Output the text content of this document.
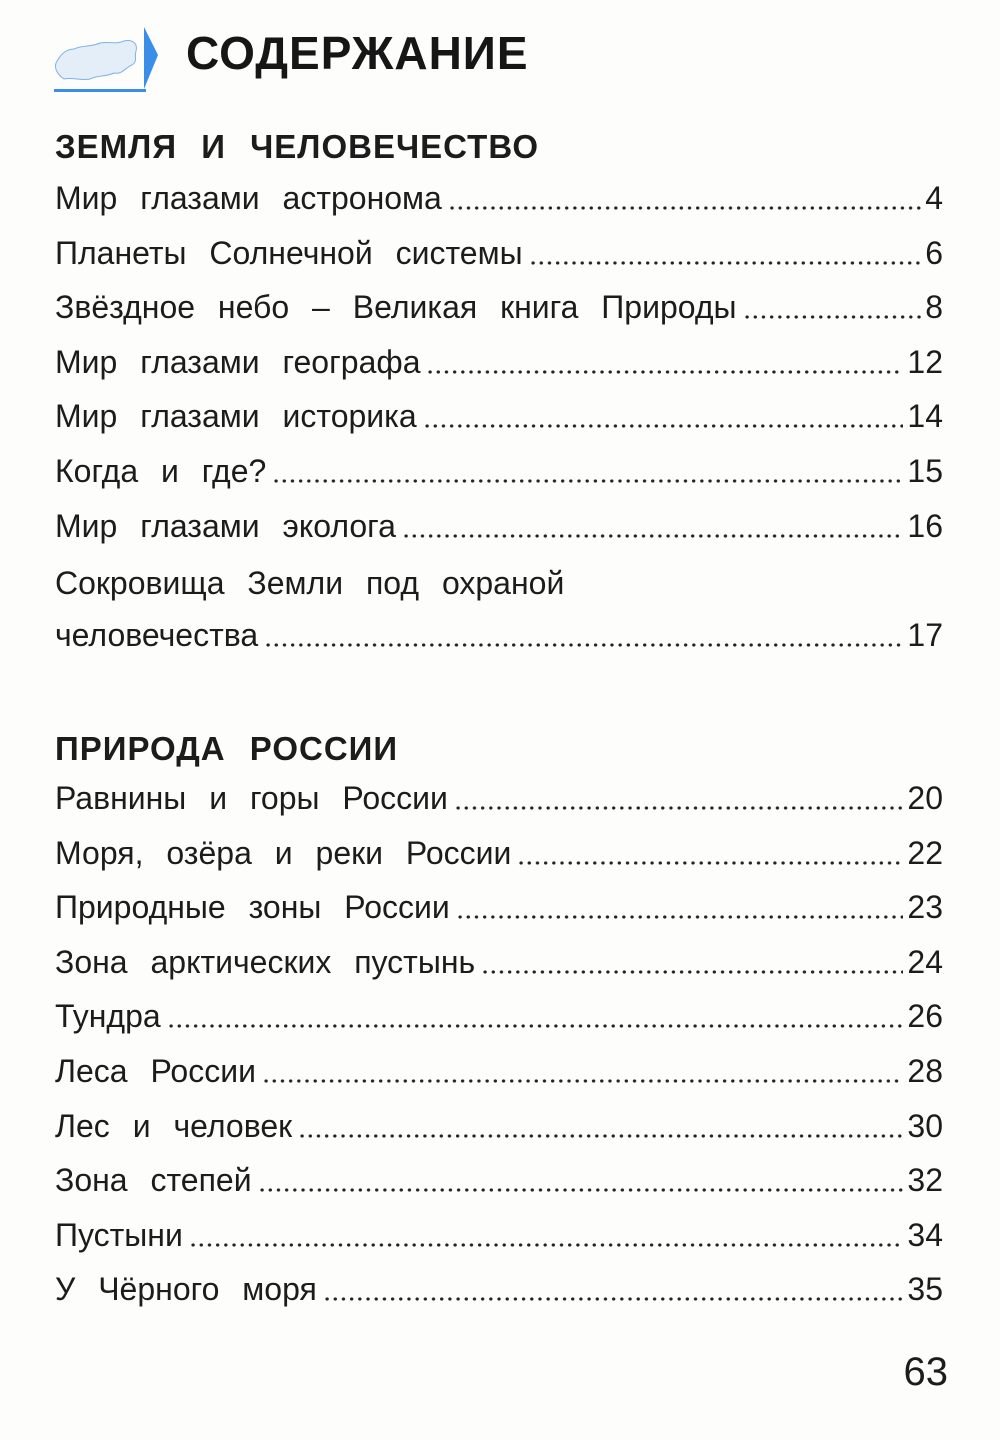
СОДЕРЖАНИЕ
ЗЕМЛЯ И ЧЕЛОВЕЧЕСТВО
Мир глазами астронома	4
Планеты Солнечной системы	6
Звёздное небо – Великая книга Природы	8
Мир глазами географа	12
Мир глазами историка	14
Когда и где?	15
Мир глазами эколога	16
Сокровища Земли под охраной
человечества	17
ПРИРОДА РОССИИ
Равнины и горы России	20
Моря, озёра и реки России	22
Природные зоны России	23
Зона арктических пустынь	24
Тундра	26
Леса России	28
Лес и человек	30
Зона степей	32
Пустыни	34
У Чёрного моря	35
63
